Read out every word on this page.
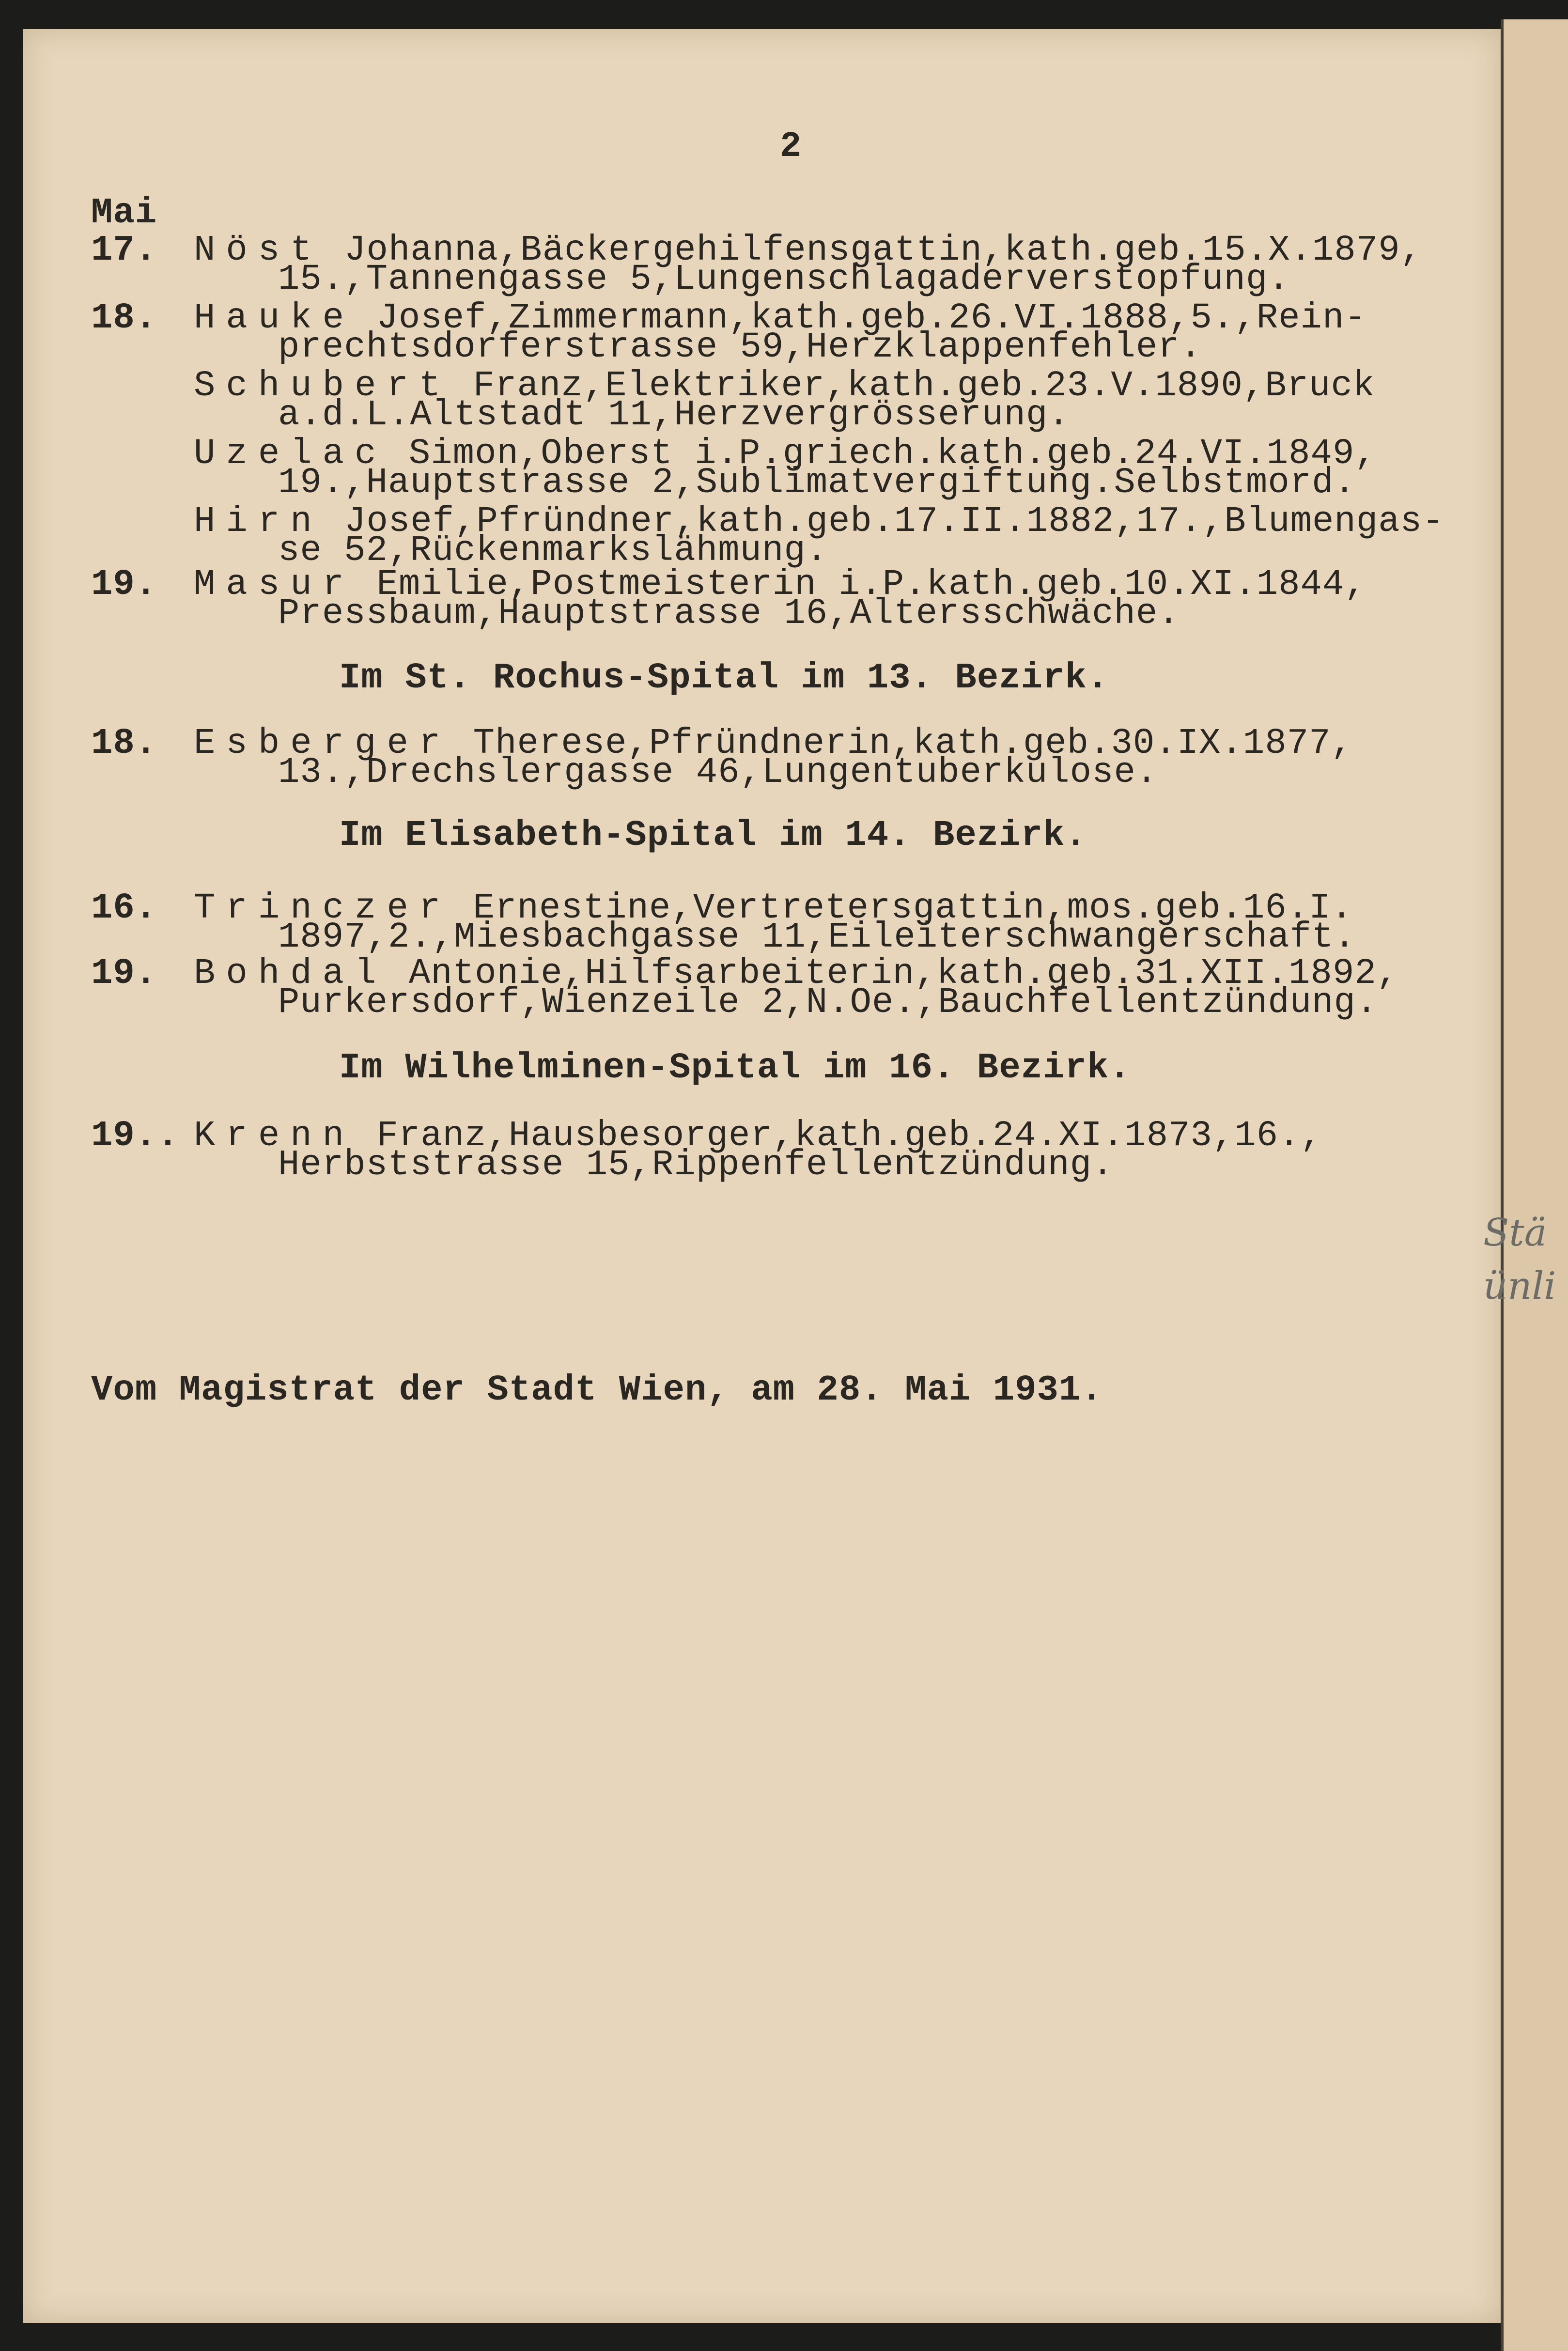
Stä
ünli
2
Mai
17. Nöst Johanna,Bäckergehilfensgattin,kath.geb.15.X.1879,
15.,Tannengasse 5,Lungenschlagaderverstopfung.
18. Hauke Josef,Zimmermann,kath.geb.26.VI.1888,5.,Rein-
prechtsdorferstrasse 59,Herzklappenfehler.
Schubert Franz,Elektriker,kath.geb.23.V.1890,Bruck
a.d.L.Altstadt 11,Herzvergrösserung.
Uzelac Simon,Oberst i.P.griech.kath.geb.24.VI.1849,
19.,Hauptstrasse 2,Sublimatvergiftung.Selbstmord.
Hirn Josef,Pfründner,kath.geb.17.II.1882,17.,Blumengas-
se 52,Rückenmarkslähmung.
19. Masur Emilie,Postmeisterin i.P.kath.geb.10.XI.1844,
Pressbaum,Hauptstrasse 16,Altersschwäche.
Im St. Rochus-Spital im 13. Bezirk.
18. Esberger Therese,Pfründnerin,kath.geb.30.IX.1877,
13.,Drechslergasse 46,Lungentuberkulose.
Im Elisabeth-Spital im 14. Bezirk.
16. Trinczer Ernestine,Vertretersgattin,mos.geb.16.I.
1897,2.,Miesbachgasse 11,Eileiterschwangerschaft.
19. Bohdal Antonie,Hilfsarbeiterin,kath.geb.31.XII.1892,
Purkersdorf,Wienzeile 2,N.Oe.,Bauchfellentzündung.
Im Wilhelminen-Spital im 16. Bezirk.
19.. Krenn Franz,Hausbesorger,kath.geb.24.XI.1873,16.,
Herbststrasse 15,Rippenfellentzündung.
Vom Magistrat der Stadt Wien, am 28. Mai 1931.
